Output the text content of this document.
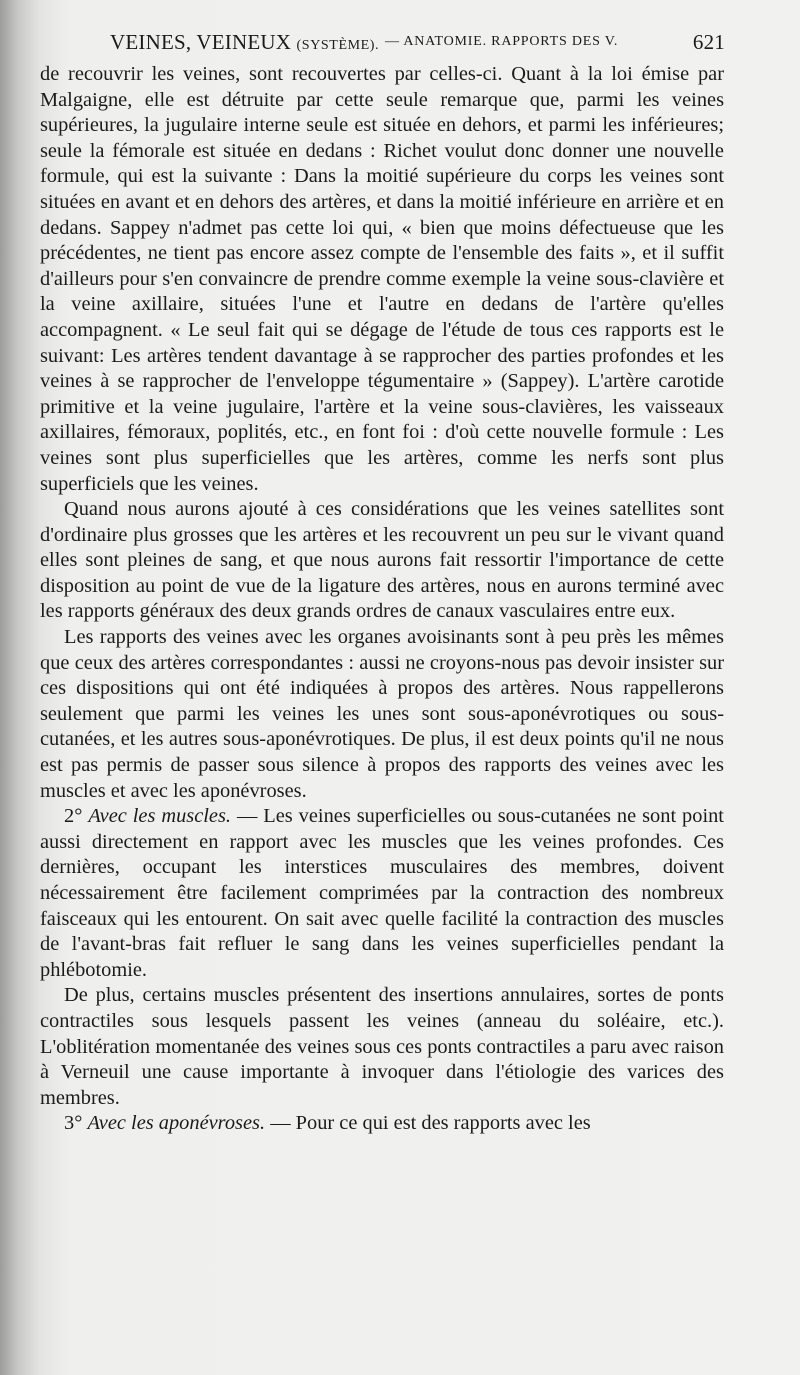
VEINES, VEINEUX (SYSTÈME). — ANATOMIE. RAPPORTS DES V.	621

de recouvrir les veines, sont recouvertes par celles-ci. Quant à la loi émise par Malgaigne, elle est détruite par cette seule remarque que, parmi les veines supérieures, la jugulaire interne seule est située en dehors, et parmi les inférieures; seule la fémorale est située en dedans : Richet voulut donc donner une nouvelle formule, qui est la suivante : Dans la moitié supérieure du corps les veines sont situées en avant et en dehors des artères, et dans la moitié inférieure en arrière et en dedans. Sappey n'admet pas cette loi qui, « bien que moins défectueuse que les précédentes, ne tient pas encore assez compte de l'ensemble des faits », et il suffit d'ailleurs pour s'en convaincre de prendre comme exemple la veine sous-clavière et la veine axillaire, situées l'une et l'autre en dedans de l'artère qu'elles accompagnent. « Le seul fait qui se dégage de l'étude de tous ces rapports est le suivant: Les artères tendent davantage à se rapprocher des parties profondes et les veines à se rapprocher de l'enveloppe tégumentaire » (Sappey). L'artère carotide primitive et la veine jugulaire, l'artère et la veine sous-clavières, les vaisseaux axillaires, fémoraux, poplités, etc., en font foi : d'où cette nouvelle formule : Les veines sont plus superficielles que les artères, comme les nerfs sont plus superficiels que les veines.

Quand nous aurons ajouté à ces considérations que les veines satellites sont d'ordinaire plus grosses que les artères et les recouvrent un peu sur le vivant quand elles sont pleines de sang, et que nous aurons fait ressortir l'importance de cette disposition au point de vue de la ligature des artères, nous en aurons terminé avec les rapports généraux des deux grands ordres de canaux vasculaires entre eux.

Les rapports des veines avec les organes avoisinants sont à peu près les mêmes que ceux des artères correspondantes : aussi ne croyons-nous pas devoir insister sur ces dispositions qui ont été indiquées à propos des artères. Nous rappellerons seulement que parmi les veines les unes sont sous-aponévrotiques ou sous-cutanées, et les autres sous-aponévrotiques. De plus, il est deux points qu'il ne nous est pas permis de passer sous silence à propos des rapports des veines avec les muscles et avec les aponévroses.

2° Avec les muscles. — Les veines superficielles ou sous-cutanées ne sont point aussi directement en rapport avec les muscles que les veines profondes. Ces dernières, occupant les interstices musculaires des membres, doivent nécessairement être facilement comprimées par la contraction des nombreux faisceaux qui les entourent. On sait avec quelle facilité la contraction des muscles de l'avant-bras fait refluer le sang dans les veines superficielles pendant la phlébotomie.

De plus, certains muscles présentent des insertions annulaires, sortes de ponts contractiles sous lesquels passent les veines (anneau du soléaire, etc.). L'oblitération momentanée des veines sous ces ponts contractiles a paru avec raison à Verneuil une cause importante à invoquer dans l'étiologie des varices des membres.

3° Avec les aponévroses. — Pour ce qui est des rapports avec les
